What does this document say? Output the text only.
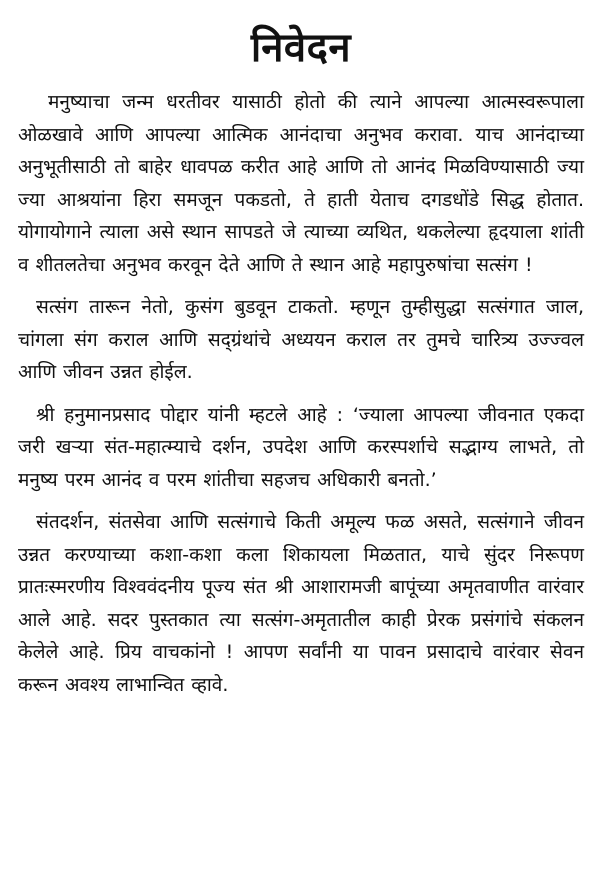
निवेदन

मनुष्याचा जन्म धरतीवर यासाठी होतो की त्याने आपल्या आत्मस्वरूपाला ओळखावे आणि आपल्या आत्मिक आनंदाचा अनुभव करावा. याच आनंदाच्या अनुभूतीसाठी तो बाहेर धावपळ करीत आहे आणि तो आनंद मिळविण्यासाठी ज्या ज्या आश्रयांना हिरा समजून पकडतो, ते हाती येताच दगडधोंडे सिद्ध होतात. योगायोगाने त्याला असे स्थान सापडते जे त्याच्या व्यथित, थकलेल्या हृदयाला शांती व शीतलतेचा अनुभव करवून देते आणि ते स्थान आहे महापुरुषांचा सत्संग !

सत्संग तारून नेतो, कुसंग बुडवून टाकतो. म्हणून तुम्हीसुद्धा सत्संगात जाल, चांगला संग कराल आणि सद्ग्रंथांचे अध्ययन कराल तर तुमचे चारित्र्य उज्ज्वल आणि जीवन उन्नत होईल.

श्री हनुमानप्रसाद पोद्दार यांनी म्हटले आहे : ‘ज्याला आपल्या जीवनात एकदा जरी खऱ्या संत-महात्म्याचे दर्शन, उपदेश आणि करस्पर्शाचे सद्भाग्य लाभते, तो मनुष्य परम आनंद व परम शांतीचा सहजच अधिकारी बनतो.’

संतदर्शन, संतसेवा आणि सत्संगाचे किती अमूल्य फळ असते, सत्संगाने जीवन उन्नत करण्याच्या कशा-कशा कला शिकायला मिळतात, याचे सुंदर निरूपण प्रातःस्मरणीय विश्ववंदनीय पूज्य संत श्री आशारामजी बापूंच्या अमृतवाणीत वारंवार आले आहे. सदर पुस्तकात त्या सत्संग-अमृतातील काही प्रेरक प्रसंगांचे संकलन केलेले आहे. प्रिय वाचकांनो ! आपण सर्वांनी या पावन प्रसादाचे वारंवार सेवन करून अवश्य लाभान्वित व्हावे.
